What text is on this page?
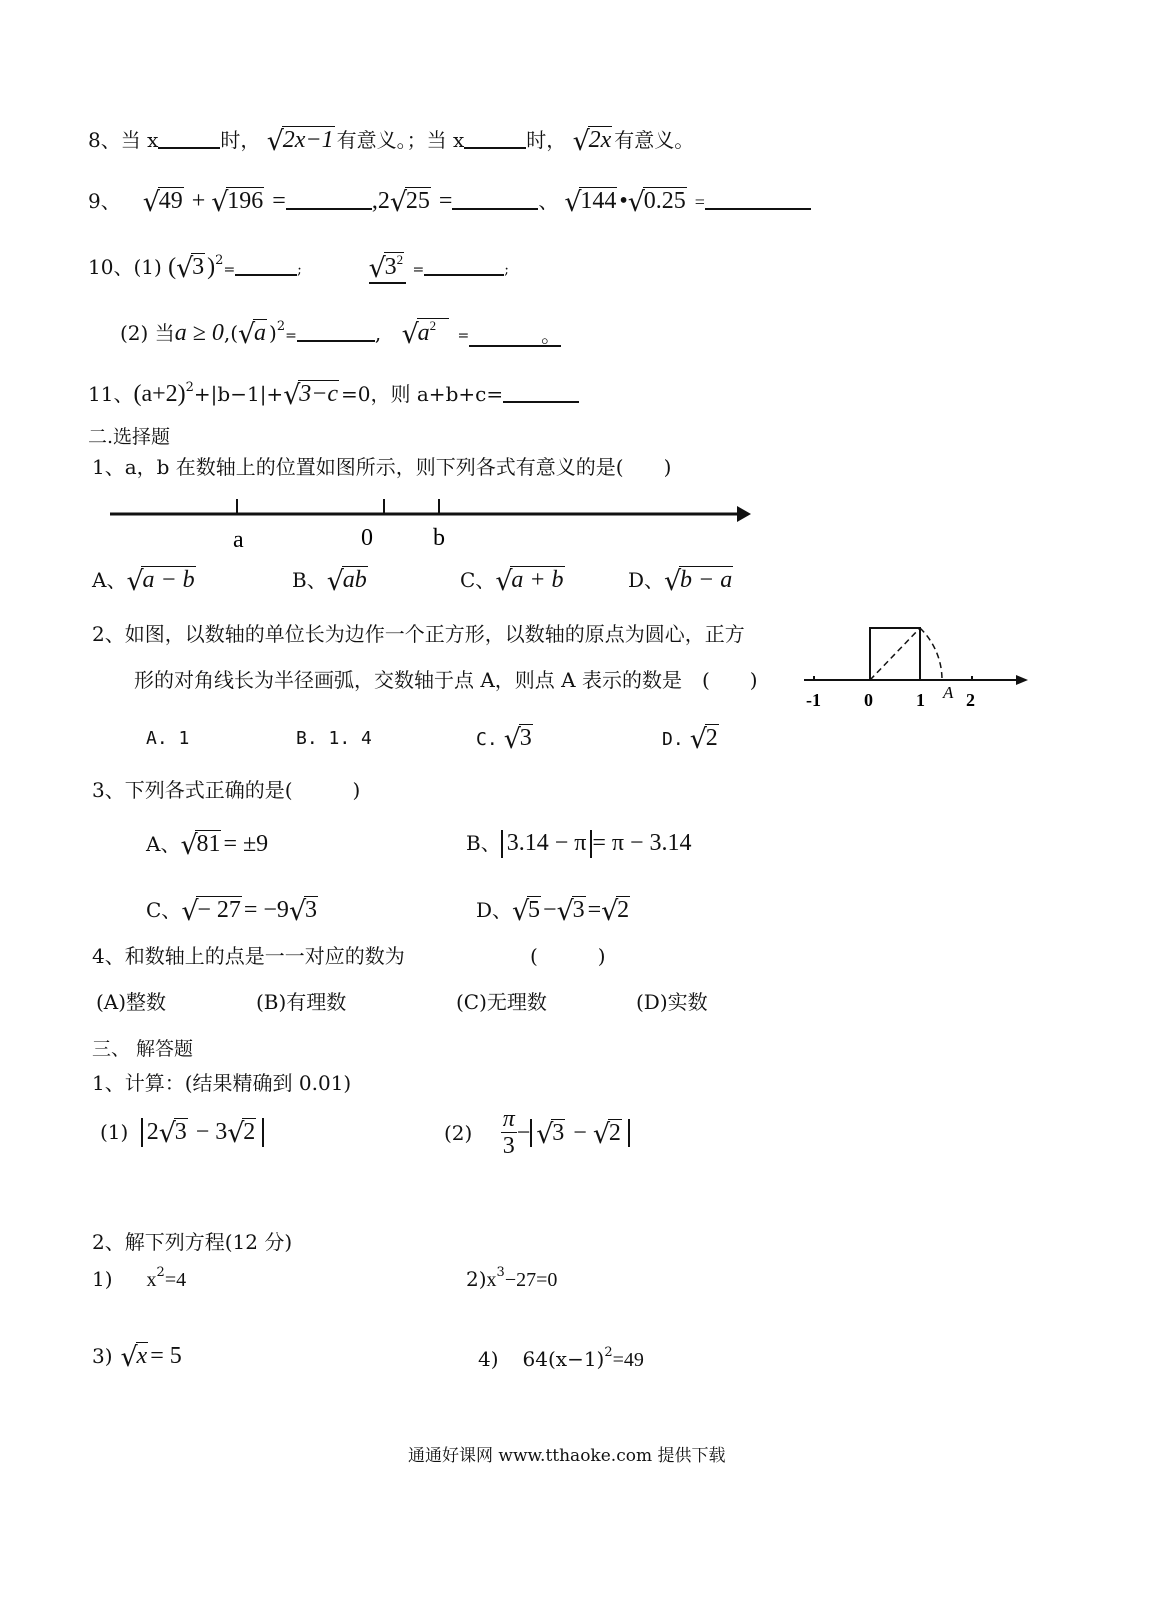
8、当 x	时， √
2x−1 有意义。；当 x	时， √
2x 有意义。
9、 √
49 + √
196 =	,2 √
25 =	、 √
144 • √
0.25 =
10、(1) ( √
3 )$^2$=	; √
$3^2$ =	;
(2) 当a ≥ 0,( √
a )$^2$=	, √
$a^2$   =	。
11、$(a+2)^2+|b-1|+$ √
3−c =0，则 a+b+c=
二.选择题
1、a，b 在数轴上的位置如图所示，则下列各式有意义的是(　　)
a	0	b
A、 √
a − b	B、 √
ab	C、 √
a + b	D、 √
b − a
2、如图，以数轴的单位长为边作一个正方形，以数轴的原点为圆心，正方
形的对角线长为半径画弧，交数轴于点 A，则点 A 表示的数是　(　　)
-1 0 1 A 2
A. 1	B. 1. 4	C. √
3	D. √
2
3、下列各式正确的是(　　　)
A、 √
81 = ±9	B、 3.14 − π = π − 3.14
C、 √
− 27 = −9 √
3	D、 √
5 − √
3 = √
2
4、和数轴上的点是一一对应的数为	(　　　)
(A)整数	(B)有理数	(C)无理数	(D)实数
三、 解答题
1、计算：(结果精确到 0.01)
(1) 2 √
3 − 3 √
2	$(2) \frac{\pi}{3}$ − √
3 − √
2
2、解下列方程(12 分)
1) $x^2=4$	$2)x^3-27=0$
3) √
x = 5	4) $64(x-1)^2=49$
通通好课网 www.tthaoke.com 提供下载
